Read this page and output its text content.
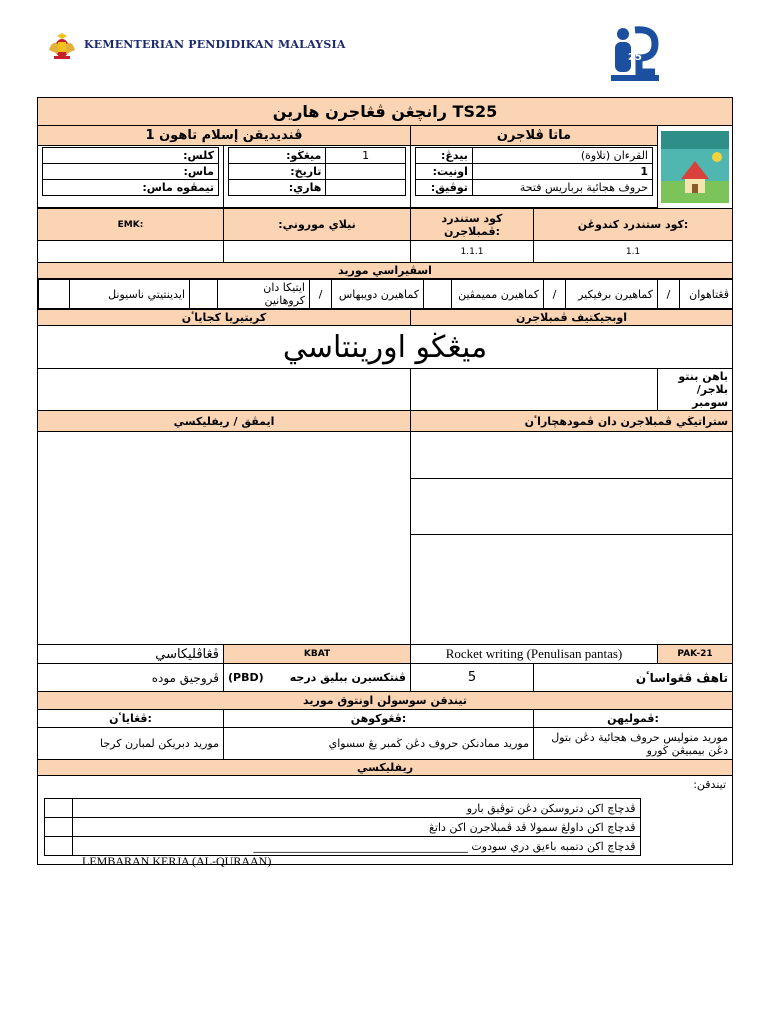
KEMENTERIAN PENDIDIKAN MALAYSIA
25
رانچڠن ڤڠاجرن هارين TS25
ڤنديديقن إسلام تاهون 1	ماتا ڤلاجرن	

كلس:
ماس:
تيمڤوه ماس:

ميڠڬو:	1
تاريخ:	
هاري:	

بيدڠ:	القرءان (تلاوة)
اونيت:	1
توڤيق:	حروف هجائية برباريس فتحة

EMK:	نيلاي موروني:	كود ستندرد ڤمبلاجرن:	كود ستندرد كندوڠن:
		1.1.1	1.1
اسڤيراسي موريد

ڤڠتاهوان	/	كماهيرن برفيكير	/	كماهيرن مميمڤين		كماهيرن دويبهاس	/	ايتيكا دان كروهانين		ايدينتيتي ناسيونل	

كريتيريا كجاياٴن	اوبجيكتيف ڤمبلاجرن
ميڠڬو اورينتاسي
		باهن بنتو بلاجر/ سومبر
ايمڤق / ريفليكسي	ستراتيڬي ڤمبلاجرن دان ڤمودهچاراٴن

ڤڠاڤليكاسي	KBAT	Rocket writing (Penulisan pantas)	PAK-21
ڤروجيق موده	(PBD) ڤنتكسيرن ببليق درجه	5	تاهڤ ڤڠواساٴن
تيندقن سوسولن اونتوق موريد
ڤڠاياٴن:	ڤڠوكوهن:	ڤموليهن:
موريد دبريكن لمبارن كرجا	موريد ممادنكن حروف دڠن ڬمبر يڠ سسواي	موريد منوليس حروف هجائية دڠن بتول دڠن بيمبيڠن ڬورو
ريفليكسي

تيندقن:
	ڤدچاچ اكن دتروسكن دڠن توڤيق بارو	
	ڤدچاچ اكن داولڠ سمولا ڤد ڤمبلاجرن اكن داتڠ	
	ڤدچاچ اكن دتمبه باءيق دري سودوت _______________________________________	
LEMBARAN KERJA (AL-QURAAN)
